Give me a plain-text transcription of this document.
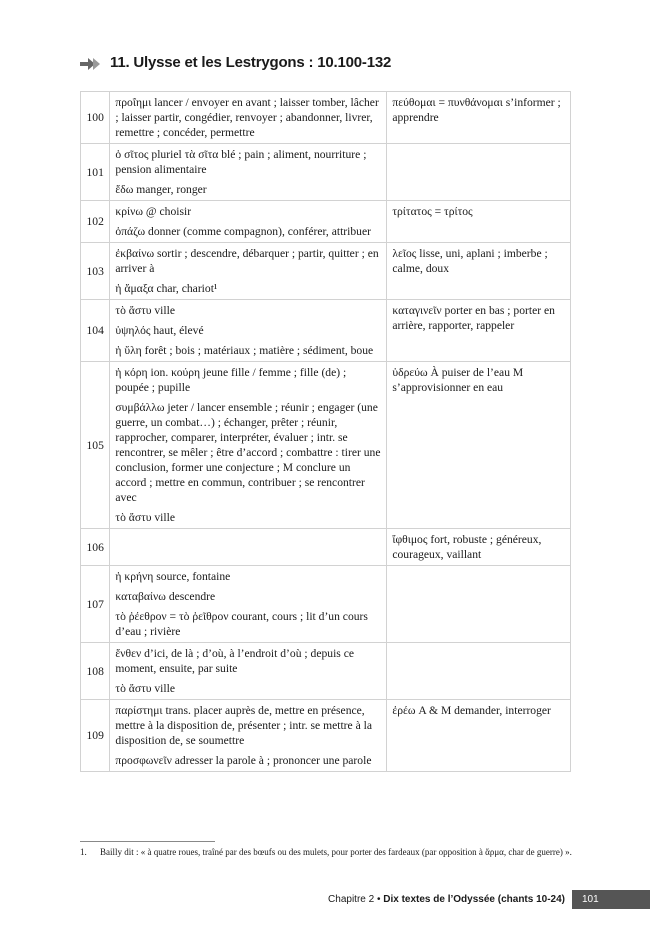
11. Ulysse et les Lestrygons : 10.100-132
100	προΐημι lancer / envoyer en avant ; laisser tomber, lâcher ; laisser partir, congédier, renvoyer ; abandonner, livrer, remettre ; concéder, permettre	πεύθομαι = πυνθάνομαι s’informer ; apprendre

101	ὁ σῖτος pluriel τὰ σῖτα blé ; pain ; aliment, nourriture ; pension alimentaire
ἔδω manger, ronger	

102	κρίνω @ choisir
ὀπάζω donner (comme compagnon), conférer, attribuer	τρίτατος = τρίτος

103	ἐκβαίνω sortir ; descendre, débarquer ; partir, quitter ; en arriver à
ἡ ἅμαξα char, chariot¹	λεῖος lisse, uni, aplani ; imberbe ; calme, doux

104	τὸ ἄστυ ville
ὑψηλός haut, élevé
ἡ ὕλη forêt ; bois ; matériaux ; matière ; sédiment, boue	καταγινεῖν porter en bas ; porter en arrière, rapporter, rappeler

105	ἡ κόρη ion. κούρη jeune fille / femme ; fille (de) ; poupée ; pupille
συμβάλλω jeter / lancer ensemble ; réunir ; engager (une guerre, un combat…) ; échanger, prêter ; réunir, rapprocher, comparer, interpréter, évaluer ; intr. se rencontrer, se mêler ; être d’accord ; combattre : tirer une conclusion, former une conjecture ; M conclure un accord ; mettre en commun, contribuer ; se rencontrer avec
τὸ ἄστυ ville	ὑδρεύω À puiser de l’eau M s’approvisionner en eau

106		ἴφθιμος fort, robuste ; généreux, courageux, vaillant

107	ἡ κρήνη source, fontaine
καταβαίνω descendre
τὸ ῥέεθρον = τὸ ῥεῖθρον courant, cours ; lit d’un cours d’eau ; rivière	

108	ἔνθεν d’ici, de là ; d’où, à l’endroit d’où ; depuis ce moment, ensuite, par suite
τὸ ἄστυ ville	

109	παρίστημι trans. placer auprès de, mettre en présence, mettre à la disposition de, présenter ; intr. se mettre à la disposition de, se soumettre
προσφωνεῖν adresser la parole à ; prononcer une parole	ἐρέω A & M demander, interroger
1.	Bailly dit : « à quatre roues, traîné par des bœufs ou des mulets, pour porter des fardeaux (par opposition à ἅρμα, char de guerre) ».
Chapitre 2 • Dix textes de l’Odyssée (chants 10-24)	101
